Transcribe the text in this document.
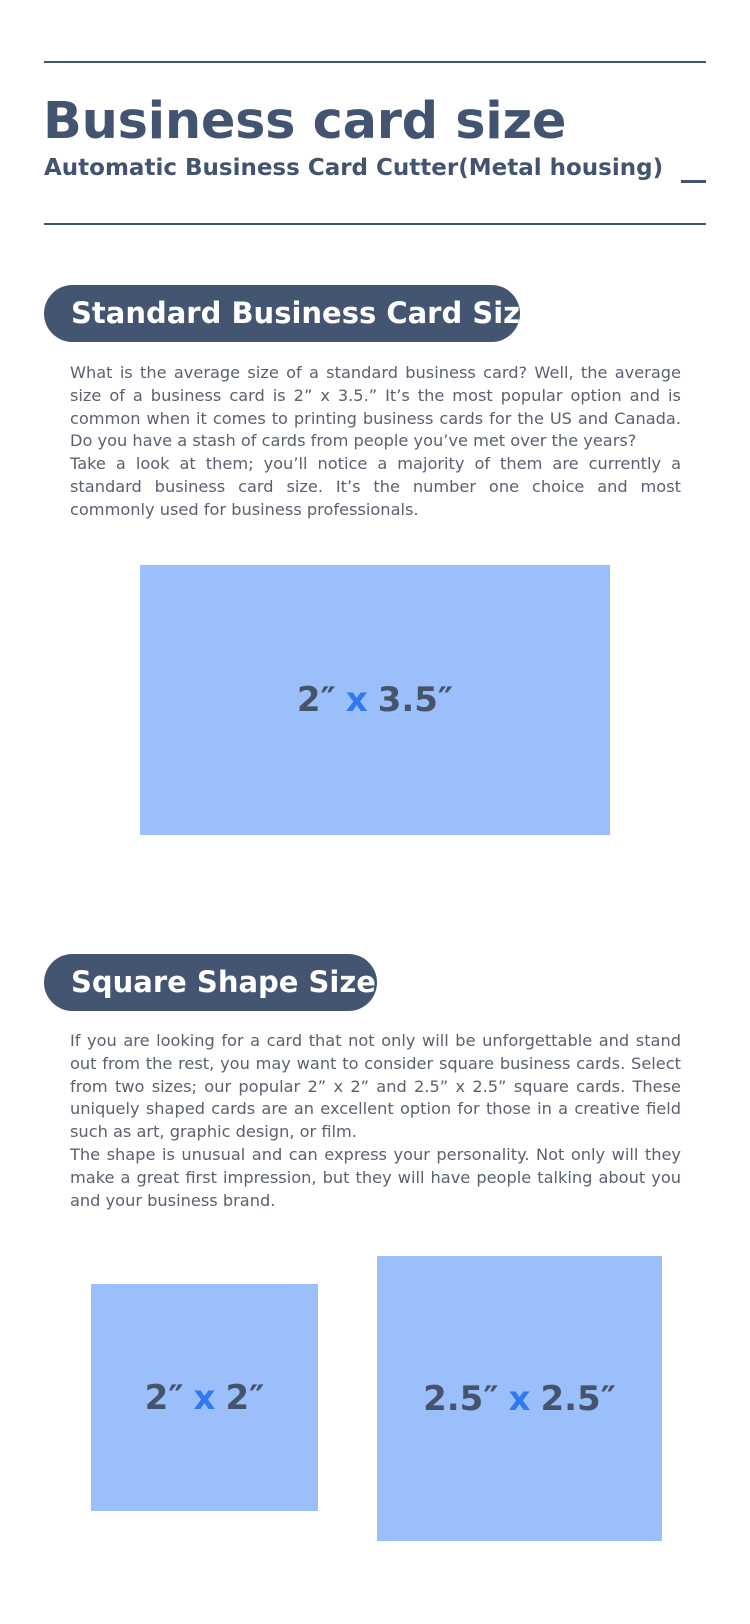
Business card size
Automatic Business Card Cutter(Metal housing)
Standard Business Card Sizes

What is the average size of a standard business card? Well, the average size of a business card is 2” x 3.5.” It’s the most popular option and is common when it comes to printing business cards for the US and Canada. Do you have a stash of cards from people you’ve met over the years?

Take a look at them; you’ll notice a majority of them are currently a standard business card size. It’s the number one choice and most commonly used for business professionals.

2″ x 3.5″
Square Shape Sizes

If you are looking for a card that not only will be unforgettable and stand out from the rest, you may want to consider square business cards. Select from two sizes; our popular 2” x 2” and 2.5” x 2.5” square cards. These uniquely shaped cards are an excellent option for those in a creative field such as art, graphic design, or film.

The shape is unusual and can express your personality. Not only will they make a great first impression, but they will have people talking about you and your business brand.

2″ x 2″	2.5″ x 2.5″
